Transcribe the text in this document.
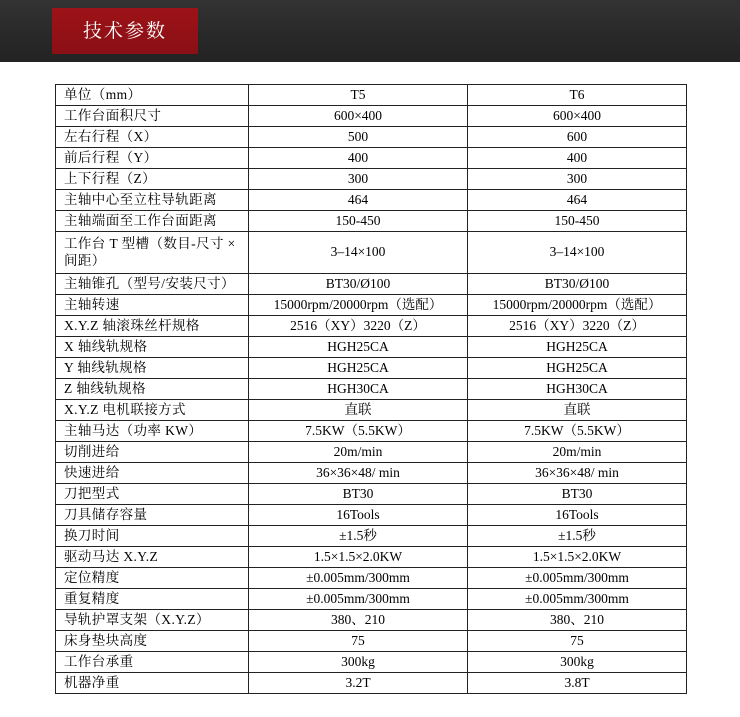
技术参数
单位（mm）	T5	T6
工作台面积尺寸	600×400	600×400
左右行程（X）	500	600
前后行程（Y）	400	400
上下行程（Z）	300	300
主轴中心至立柱导轨距离	464	464
主轴端面至工作台面距离	150-450	150-450
工作台 T 型槽（数目-尺寸 × 间距）	3–14×100	3–14×100
主轴锥孔（型号/安装尺寸）	BT30/Ø100	BT30/Ø100
主轴转速	15000rpm/20000rpm（选配）	15000rpm/20000rpm（选配）
X.Y.Z 轴滚珠丝杆规格	2516（XY）3220（Z）	2516（XY）3220（Z）
X 轴线轨规格	HGH25CA	HGH25CA
Y 轴线轨规格	HGH25CA	HGH25CA
Z 轴线轨规格	HGH30CA	HGH30CA
X.Y.Z 电机联接方式	直联	直联
主轴马达（功率 KW）	7.5KW（5.5KW）	7.5KW（5.5KW）
切削进给	20m/min	20m/min
快速进给	36×36×48/ min	36×36×48/ min
刀把型式	BT30	BT30
刀具储存容量	16Tools	16Tools
换刀时间	±1.5秒	±1.5秒
驱动马达 X.Y.Z	1.5×1.5×2.0KW	1.5×1.5×2.0KW
定位精度	±0.005mm/300mm	±0.005mm/300mm
重复精度	±0.005mm/300mm	±0.005mm/300mm
导轨护罩支架（X.Y.Z）	380、210	380、210
床身垫块高度	75	75
工作台承重	300kg	300kg
机器净重	3.2T	3.8T
